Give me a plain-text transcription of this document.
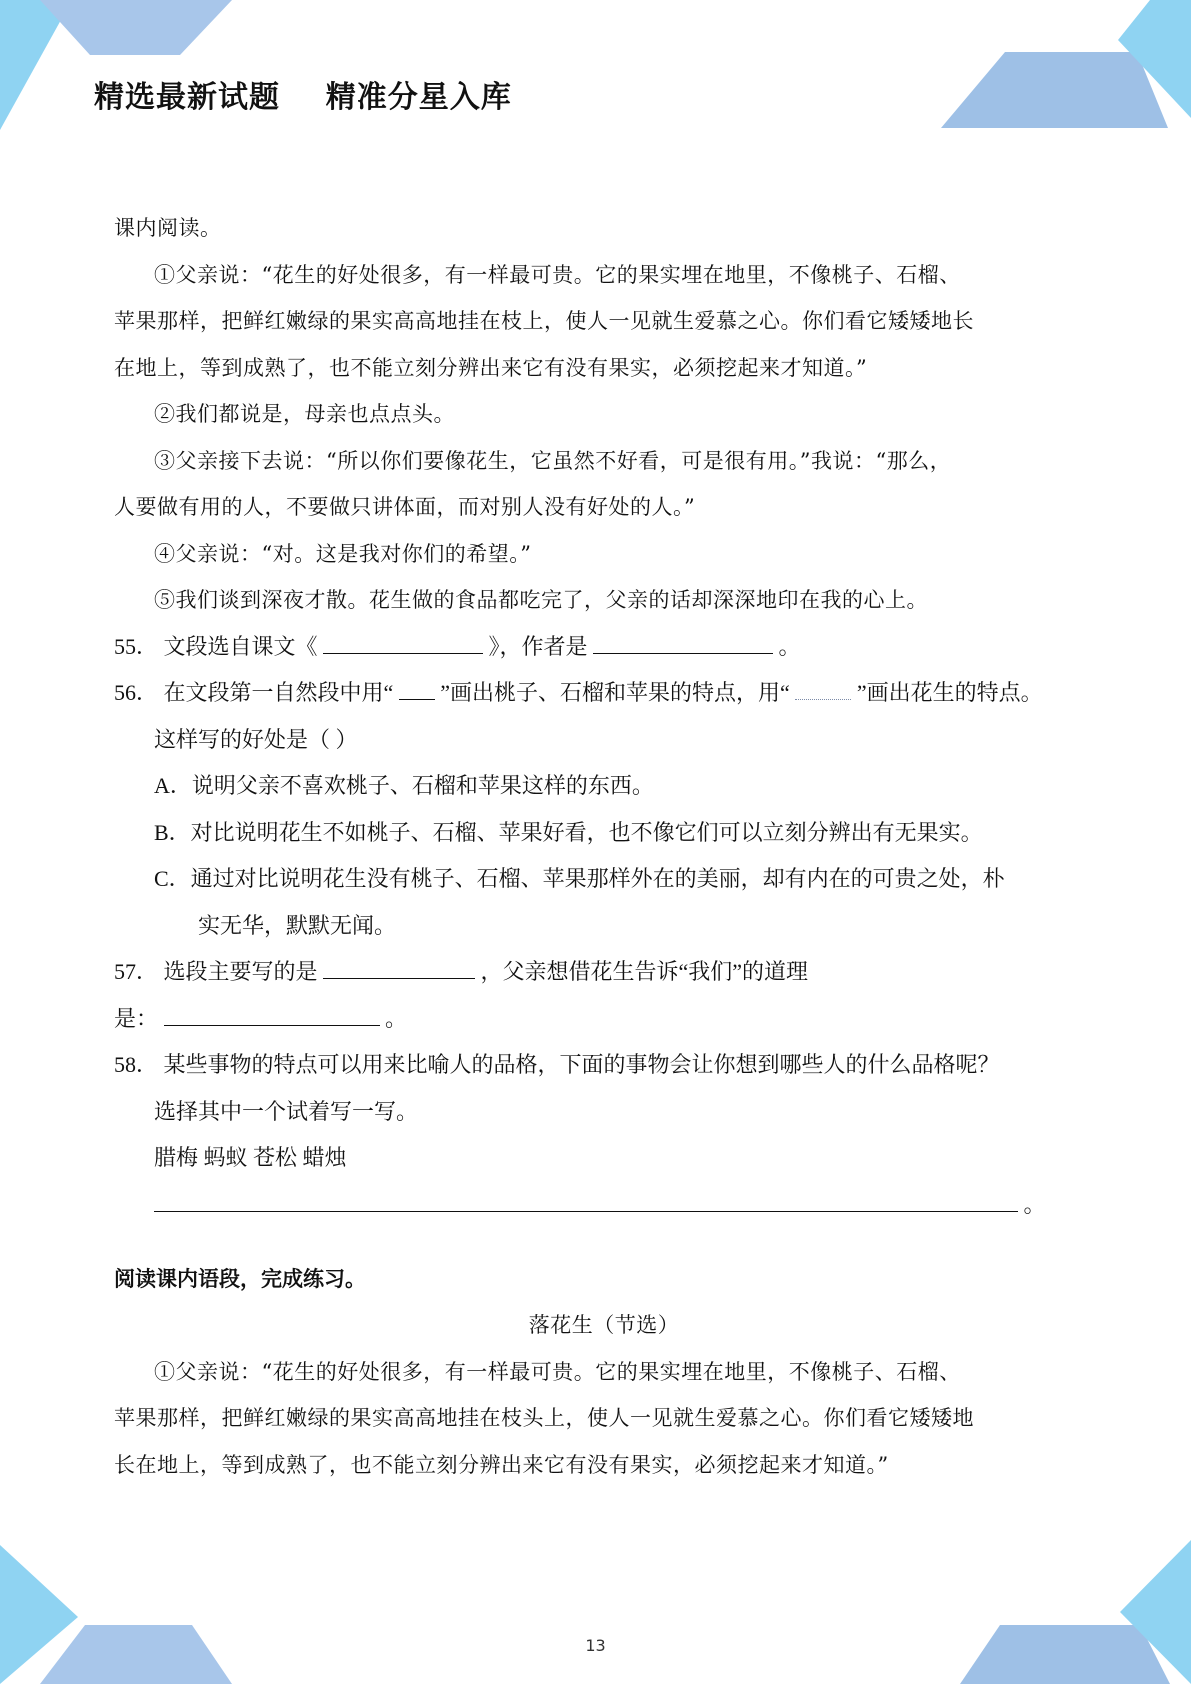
精选最新试题    精准分星入库
课内阅读。
①父亲说：“花生的好处很多，有一样最可贵。它的果实埋在地里，不像桃子、石榴、
苹果那样，把鲜红嫩绿的果实高高地挂在枝上，使人一见就生爱慕之心。你们看它矮矮地长
在地上，等到成熟了，也不能立刻分辨出来它有没有果实，必须挖起来才知道。”
②我们都说是，母亲也点点头。
③父亲接下去说：“所以你们要像花生，它虽然不好看，可是很有用。”我说：“那么，
人要做有用的人，不要做只讲体面，而对别人没有好处的人。”
④父亲说：“对。这是我对你们的希望。”
⑤我们谈到深夜才散。花生做的食品都吃完了，父亲的话却深深地印在我的心上。
55． 文段选自课文《	》，作者是	。
56． 在文段第一自然段中用“ ”画出桃子、石榴和苹果的特点，用“	”画出花生的特点。
这样写的好处是（ ）
A．说明父亲不喜欢桃子、石榴和苹果这样的东西。
B．对比说明花生不如桃子、石榴、苹果好看，也不像它们可以立刻分辨出有无果实。
C．通过对比说明花生没有桃子、石榴、苹果那样外在的美丽，却有内在的可贵之处，朴
实无华，默默无闻。
57． 选段主要写的是	，父亲想借花生告诉“我们”的道理
是：	。
58． 某些事物的特点可以用来比喻人的品格，下面的事物会让你想到哪些人的什么品格呢？
选择其中一个试着写一写。
腊梅 蚂蚁 苍松 蜡烛
。
阅读课内语段，完成练习。
落花生（节选）
①父亲说：“花生的好处很多，有一样最可贵。它的果实埋在地里，不像桃子、石榴、
苹果那样，把鲜红嫩绿的果实高高地挂在枝头上，使人一见就生爱慕之心。你们看它矮矮地
长在地上，等到成熟了，也不能立刻分辨出来它有没有果实，必须挖起来才知道。”
13
